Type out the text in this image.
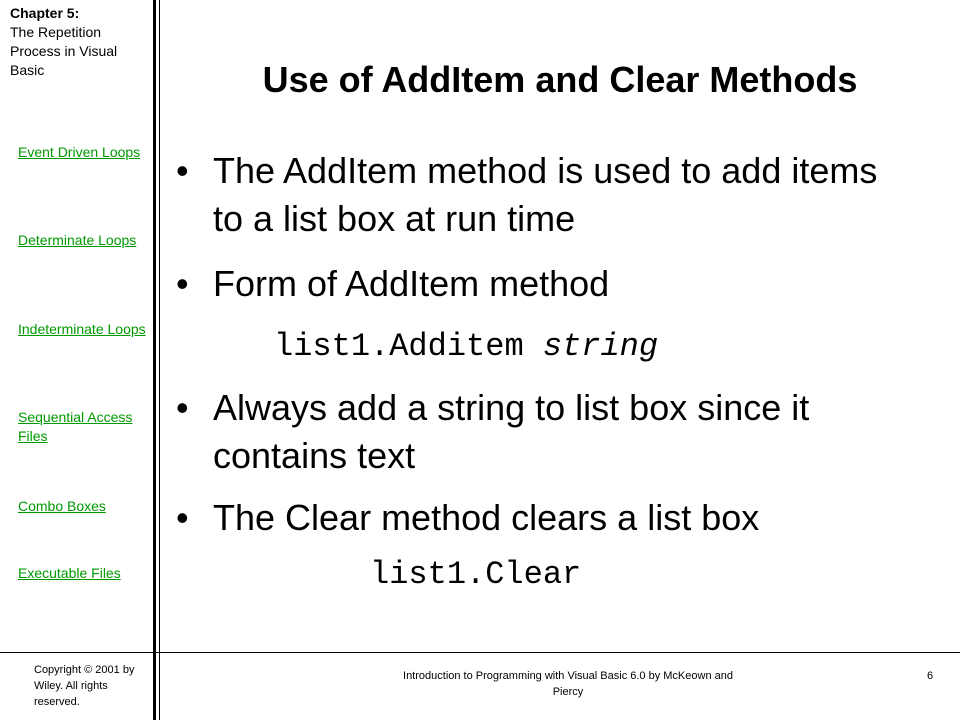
Chapter 5:
The Repetition Process in Visual Basic
Event Driven Loops
Determinate Loops
Indeterminate Loops
Sequential Access Files
Combo Boxes
Executable Files
Copyright © 2001 by Wiley. All rights reserved.
Use of AddItem and Clear Methods
• The AddItem method is used to add items to a list box at run time
• Form of AddItem method
list1.Additem string
• Always add a string to list box since it contains text
• The Clear method clears a list box
list1.Clear
Introduction to Programming with Visual Basic 6.0 by McKeown and Piercy
6
